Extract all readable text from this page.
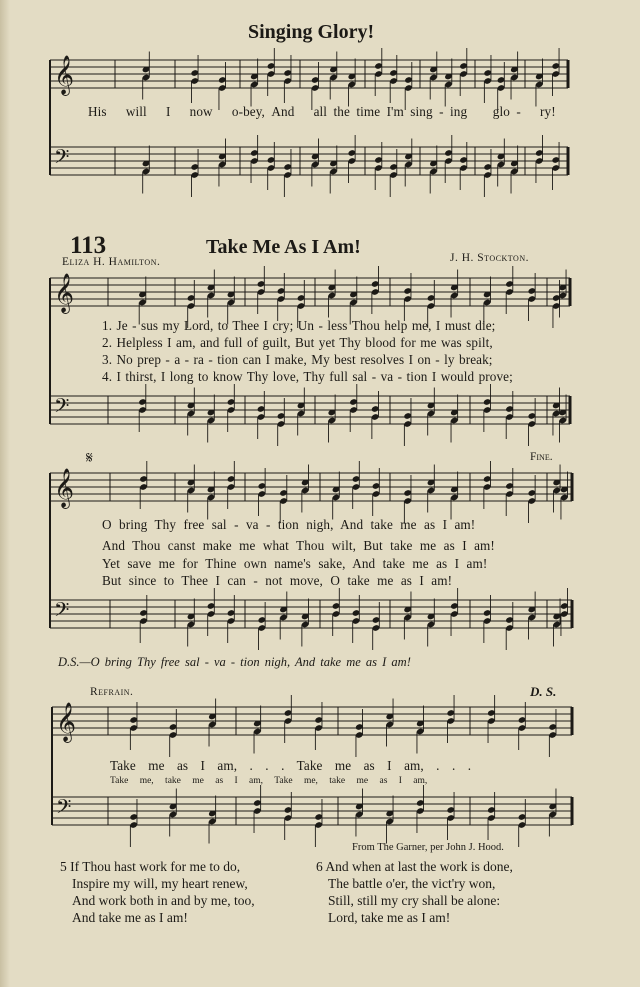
Singing Glory!
𝄞
𝄢
𝄞
𝄢
𝄞
𝄢
𝄞
𝄢
His will I now o-bey, And all the time I'm sing - ing glo - ry!
113	Take Me As I Am!
Eliza H. Hamilton.	J. H. Stockton.
1. Je - sus my Lord, to Thee I cry; Un - less Thou help me, I must die;
2. Helpless I am, and full of guilt, But yet Thy blood for me was spilt,
3. No prep - a - ra - tion can I make, My best resolves I on - ly break;
4. I thirst, I long to know Thy love, Thy full sal - va - tion I would prove;
𝄋	Fine.
O bring Thy free sal - va - tion nigh, And take me as I am!
And Thou canst make me what Thou wilt, But take me as I am!
Yet save me for Thine own name's sake, And take me as I am!
But since to Thee I can - not move, O take me as I am!
D.S.—O bring Thy free sal - va - tion nigh, And take me as I am!
Refrain.	D. S.
Take me as I am, . . . Take me as I am, . . .
Take me, take me as I am, Take me, take me as I am,
From The Garner, per John J. Hood.
5 If Thou hast work for me to do,
Inspire my will, my heart renew,
And work both in and by me, too,
And take me as I am!
6 And when at last the work is done,
The battle o'er, the vict'ry won,
Still, still my cry shall be alone:
Lord, take me as I am!
